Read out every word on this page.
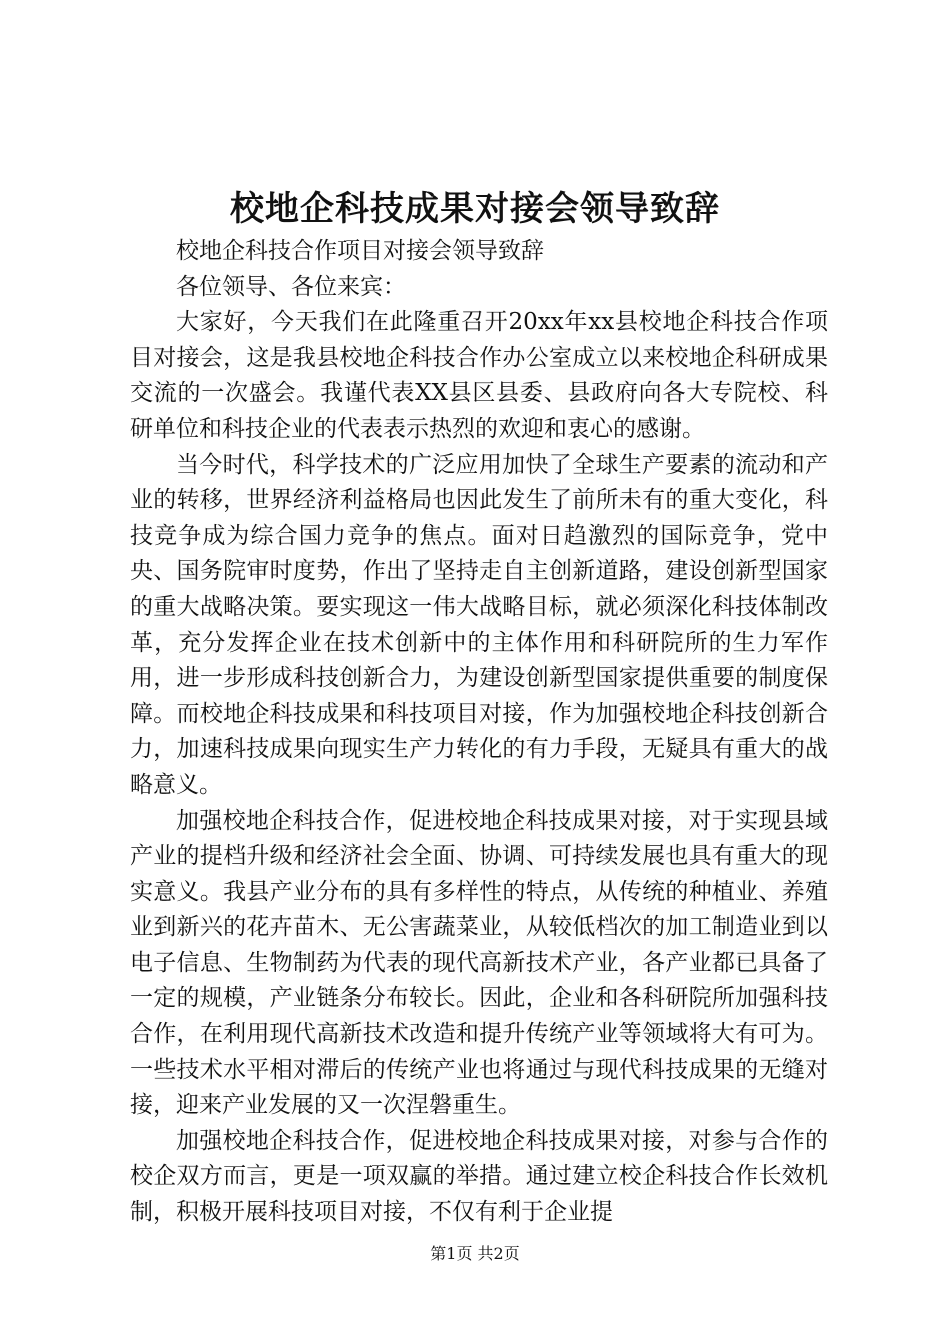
校地企科技成果对接会领导致辞

校地企科技合作项目对接会领导致辞

各位领导、各位来宾：

大家好，今天我们在此隆重召开20xx年xx县校地企科技合作项目对接会，这是我县校地企科技合作办公室成立以来校地企科研成果交流的一次盛会。我谨代表XX县区县委、县政府向各大专院校、科研单位和科技企业的代表表示热烈的欢迎和衷心的感谢。

当今时代，科学技术的广泛应用加快了全球生产要素的流动和产业的转移，世界经济利益格局也因此发生了前所未有的重大变化，科技竞争成为综合国力竞争的焦点。面对日趋激烈的国际竞争，党中央、国务院审时度势，作出了坚持走自主创新道路，建设创新型国家的重大战略决策。要实现这一伟大战略目标，就必须深化科技体制改革，充分发挥企业在技术创新中的主体作用和科研院所的生力军作用，进一步形成科技创新合力，为建设创新型国家提供重要的制度保障。而校地企科技成果和科技项目对接，作为加强校地企科技创新合力，加速科技成果向现实生产力转化的有力手段，无疑具有重大的战略意义。

加强校地企科技合作，促进校地企科技成果对接，对于实现县域产业的提档升级和经济社会全面、协调、可持续发展也具有重大的现实意义。我县产业分布的具有多样性的特点，从传统的种植业、养殖业到新兴的花卉苗木、无公害蔬菜业，从较低档次的加工制造业到以电子信息、生物制药为代表的现代高新技术产业，各产业都已具备了一定的规模，产业链条分布较长。因此，企业和各科研院所加强科技合作，在利用现代高新技术改造和提升传统产业等领域将大有可为。一些技术水平相对滞后的传统产业也将通过与现代科技成果的无缝对接，迎来产业发展的又一次涅磐重生。

加强校地企科技合作，促进校地企科技成果对接，对参与合作的校企双方而言，更是一项双赢的举措。通过建立校企科技合作长效机制，积极开展科技项目对接，不仅有利于企业提

第1页 共2页
